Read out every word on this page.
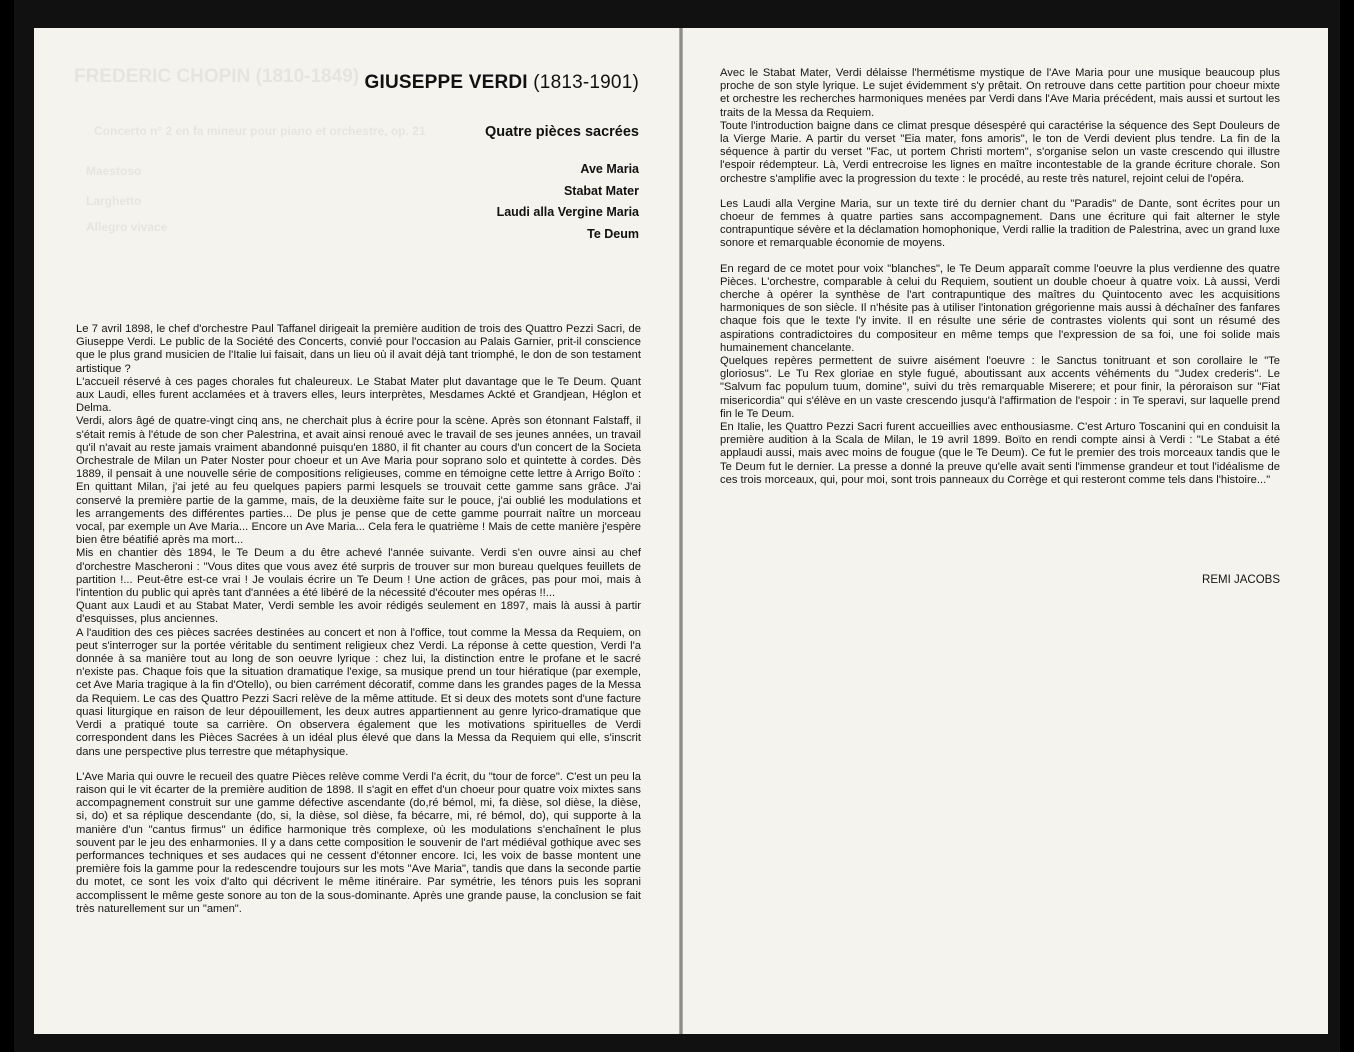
FREDERIC CHOPIN (1810-1849)
Concerto n° 2 en fa mineur pour piano et orchestre, op. 21
Maestoso
Larghetto
Allegro vivace
GIUSEPPE VERDI (1813-1901)
Quatre pièces sacrées
Ave Maria
Stabat Mater
Laudi alla Vergine Maria
Te Deum

Le 7 avril 1898, le chef d'orchestre Paul Taffanel dirigeait la première audition de trois des Quattro Pezzi Sacri, de Giuseppe Verdi. Le public de la Société des Concerts, convié pour l'occasion au Palais Garnier, prit-il conscience que le plus grand musicien de l'Italie lui faisait, dans un lieu où il avait déjà tant triomphé, le don de son testament artistique ?

L'accueil réservé à ces pages chorales fut chaleureux. Le Stabat Mater plut davantage que le Te Deum. Quant aux Laudi, elles furent acclamées et à travers elles, leurs interprètes, Mesdames Ackté et Grandjean, Héglon et Delma.

Verdi, alors âgé de quatre-vingt cinq ans, ne cherchait plus à écrire pour la scène. Après son étonnant Falstaff, il s'était remis à l'étude de son cher Palestrina, et avait ainsi renoué avec le travail de ses jeunes années, un travail qu'il n'avait au reste jamais vraiment abandonné puisqu'en 1880, il fit chanter au cours d'un concert de la Societa Orchestrale de Milan un Pater Noster pour choeur et un Ave Maria pour soprano solo et quintette à cordes. Dès 1889, il pensait à une nouvelle série de compositions religieuses, comme en témoigne cette lettre à Arrigo Boïto : En quittant Milan, j'ai jeté au feu quelques papiers parmi lesquels se trouvait cette gamme sans grâce. J'ai conservé la première partie de la gamme, mais, de la deuxième faite sur le pouce, j'ai oublié les modulations et les arrangements des différentes parties... De plus je pense que de cette gamme pourrait naître un morceau vocal, par exemple un Ave Maria... Encore un Ave Maria... Cela fera le quatrième ! Mais de cette manière j'espère bien être béatifié après ma mort...

Mis en chantier dès 1894, le Te Deum a du être achevé l'année suivante. Verdi s'en ouvre ainsi au chef d'orchestre Mascheroni : "Vous dites que vous avez été surpris de trouver sur mon bureau quelques feuillets de partition !... Peut-être est-ce vrai ! Je voulais écrire un Te Deum ! Une action de grâces, pas pour moi, mais à l'intention du public qui après tant d'années a été libéré de la nécessité d'écouter mes opéras !!...

Quant aux Laudi et au Stabat Mater, Verdi semble les avoir rédigés seulement en 1897, mais là aussi à partir d'esquisses, plus anciennes.

A l'audition des ces pièces sacrées destinées au concert et non à l'office, tout comme la Messa da Requiem, on peut s'interroger sur la portée véritable du sentiment religieux chez Verdi. La réponse à cette question, Verdi l'a donnée à sa manière tout au long de son oeuvre lyrique : chez lui, la distinction entre le profane et le sacré n'existe pas. Chaque fois que la situation dramatique l'exige, sa musique prend un tour hiératique (par exemple, cet Ave Maria tragique à la fin d'Otello), ou bien carrément décoratif, comme dans les grandes pages de la Messa da Requiem. Le cas des Quattro Pezzi Sacri relève de la même attitude. Et si deux des motets sont d'une facture quasi liturgique en raison de leur dépouillement, les deux autres appartiennent au genre lyrico-dramatique que Verdi a pratiqué toute sa carrière. On observera également que les motivations spirituelles de Verdi correspondent dans les Pièces Sacrées à un idéal plus élevé que dans la Messa da Requiem qui elle, s'inscrit dans une perspective plus terrestre que métaphysique.

L'Ave Maria qui ouvre le recueil des quatre Pièces relève comme Verdi l'a écrit, du "tour de force". C'est un peu la raison qui le vit écarter de la première audition de 1898. Il s'agit en effet d'un choeur pour quatre voix mixtes sans accompagnement construit sur une gamme défective ascendante (do,ré bémol, mi, fa dièse, sol dièse, la dièse, si, do) et sa réplique descendante (do, si, la dièse, sol dièse, fa bécarre, mi, ré bémol, do), qui supporte à la manière d'un "cantus firmus" un édifice harmonique très complexe, où les modulations s'enchaînent le plus souvent par le jeu des enharmonies. Il y a dans cette composition le souvenir de l'art médiéval gothique avec ses performances techniques et ses audaces qui ne cessent d'étonner encore. Ici, les voix de basse montent une première fois la gamme pour la redescendre toujours sur les mots "Ave Maria", tandis que dans la seconde partie du motet, ce sont les voix d'alto qui décrivent le même itinéraire. Par symétrie, les ténors puis les soprani accomplissent le même geste sonore au ton de la sous-dominante. Après une grande pause, la conclusion se fait très naturellement sur un "amen".

Avec le Stabat Mater, Verdi délaisse l'hermétisme mystique de l'Ave Maria pour une musique beaucoup plus proche de son style lyrique. Le sujet évidemment s'y prêtait. On retrouve dans cette partition pour choeur mixte et orchestre les recherches harmoniques menées par Verdi dans l'Ave Maria précédent, mais aussi et surtout les traits de la Messa da Requiem.

Toute l'introduction baigne dans ce climat presque désespéré qui caractérise la séquence des Sept Douleurs de la Vierge Marie. A partir du verset "Eia mater, fons amoris", le ton de Verdi devient plus tendre. La fin de la séquence à partir du verset "Fac, ut portem Christi mortem", s'organise selon un vaste crescendo qui illustre l'espoir rédempteur. Là, Verdi entrecroise les lignes en maître incontestable de la grande écriture chorale. Son orchestre s'amplifie avec la progression du texte : le procédé, au reste très naturel, rejoint celui de l'opéra.

Les Laudi alla Vergine Maria, sur un texte tiré du dernier chant du "Paradis" de Dante, sont écrites pour un choeur de femmes à quatre parties sans accompagnement. Dans une écriture qui fait alterner le style contrapuntique sévère et la déclamation homophonique, Verdi rallie la tradition de Palestrina, avec un grand luxe sonore et remarquable économie de moyens.

En regard de ce motet pour voix "blanches", le Te Deum apparaît comme l'oeuvre la plus verdienne des quatre Pièces. L'orchestre, comparable à celui du Requiem, soutient un double choeur à quatre voix. Là aussi, Verdi cherche à opérer la synthèse de l'art contrapuntique des maîtres du Quintocento avec les acquisitions harmoniques de son siècle. Il n'hésite pas à utiliser l'intonation grégorienne mais aussi à déchaîner des fanfares chaque fois que le texte l'y invite. Il en résulte une série de contrastes violents qui sont un résumé des aspirations contradictoires du compositeur en même temps que l'expression de sa foi, une foi solide mais humainement chancelante.

Quelques repères permettent de suivre aisément l'oeuvre : le Sanctus tonitruant et son corollaire le "Te gloriosus". Le Tu Rex gloriae en style fugué, aboutissant aux accents véhéments du "Judex crederis". Le "Salvum fac populum tuum, domine", suivi du très remarquable Miserere; et pour finir, la péroraison sur "Fiat misericordia" qui s'élève en un vaste crescendo jusqu'à l'affirmation de l'espoir : in Te speravi, sur laquelle prend fin le Te Deum.

En Italie, les Quattro Pezzi Sacri furent accueillies avec enthousiasme. C'est Arturo Toscanini qui en conduisit la première audition à la Scala de Milan, le 19 avril 1899. Boïto en rendi compte ainsi à Verdi : "Le Stabat a été applaudi aussi, mais avec moins de fougue (que le Te Deum). Ce fut le premier des trois morceaux tandis que le Te Deum fut le dernier. La presse a donné la preuve qu'elle avait senti l'immense grandeur et tout l'idéalisme de ces trois morceaux, qui, pour moi, sont trois panneaux du Corrège et qui resteront comme tels dans l'histoire..."

REMI JACOBS
